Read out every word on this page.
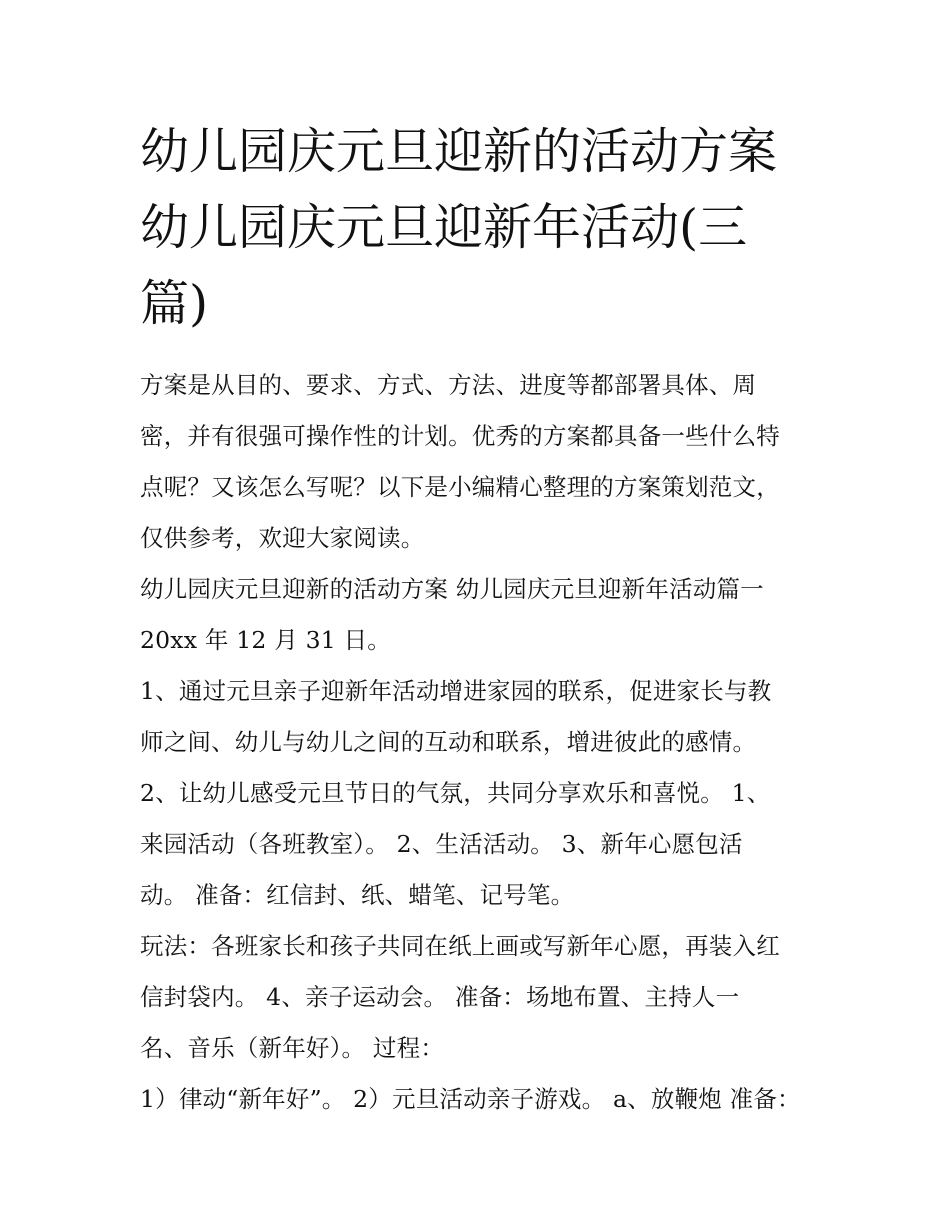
幼儿园庆元旦迎新的活动方案
幼儿园庆元旦迎新年活动(三
篇)
方案是从目的、要求、方式、方法、进度等都部署具体、周
密，并有很强可操作性的计划。优秀的方案都具备一些什么特
点呢？又该怎么写呢？以下是小编精心整理的方案策划范文，
仅供参考，欢迎大家阅读。
幼儿园庆元旦迎新的活动方案 幼儿园庆元旦迎新年活动篇一
20xx 年 12 月 31 日。
1、通过元旦亲子迎新年活动增进家园的联系，促进家长与教
师之间、幼儿与幼儿之间的互动和联系，增进彼此的感情。
2、让幼儿感受元旦节日的气氛，共同分享欢乐和喜悦。 1、
来园活动（各班教室）。 2、生活活动。 3、新年心愿包活
动。 准备：红信封、纸、蜡笔、记号笔。
玩法：各班家长和孩子共同在纸上画或写新年心愿，再装入红
信封袋内。 4、亲子运动会。 准备：场地布置、主持人一
名、音乐（新年好）。 过程：
1）律动“新年好”。 2）元旦活动亲子游戏。 a、放鞭炮 准备：
